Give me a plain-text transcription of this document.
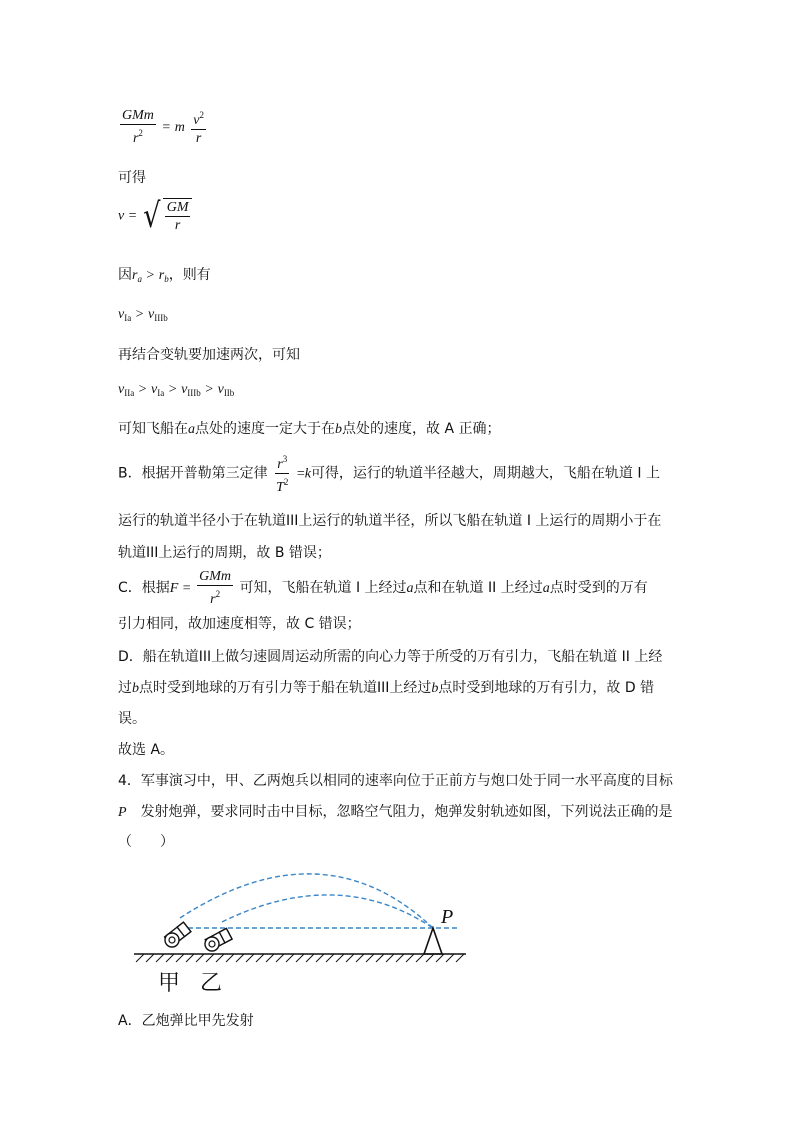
$\frac{\text{GMm}}{r^2} = m \frac{v^2}{r}$
可得
v = √ $\frac{GM}{r}$
因$r_a > r_b$，则有
$v_{Ia} > v_{IIIb}$
再结合变轨要加速两次，可知
$v_{IIa} > v_{Ia} > v_{IIIb} > v_{IIb}$
可知飞船在a点处的速度一定大于在b点处的速度，故 A 正确；
B．根据开普勒第三定律 $\frac{r^3}{T^2} =k$可得，运行的轨道半径越大，周期越大，飞船在轨道 I 上
运行的轨道半径小于在轨道III上运行的轨道半径，所以飞船在轨道 I 上运行的周期小于在
轨道III上运行的周期，故 B 错误；
C．根据$F = \frac{\text{GMm}}{r^2}$ 可知，飞船在轨道 I 上经过a点和在轨道 II 上经过a点时受到的万有
引力相同，故加速度相等，故 C 错误；
D．船在轨道III上做匀速圆周运动所需的向心力等于所受的万有引力，飞船在轨道 II 上经
过b点时受到地球的万有引力等于船在轨道III上经过b点时受到地球的万有引力，故 D 错
误。
故选 A。
4．军事演习中，甲、乙两炮兵以相同的速率向位于正前方与炮口处于同一水平高度的目标
P  发射炮弹，要求同时击中目标，忽略空气阻力，炮弹发射轨迹如图，下列说法正确的是
（　　）
P
甲 乙
A．乙炮弹比甲先发射
